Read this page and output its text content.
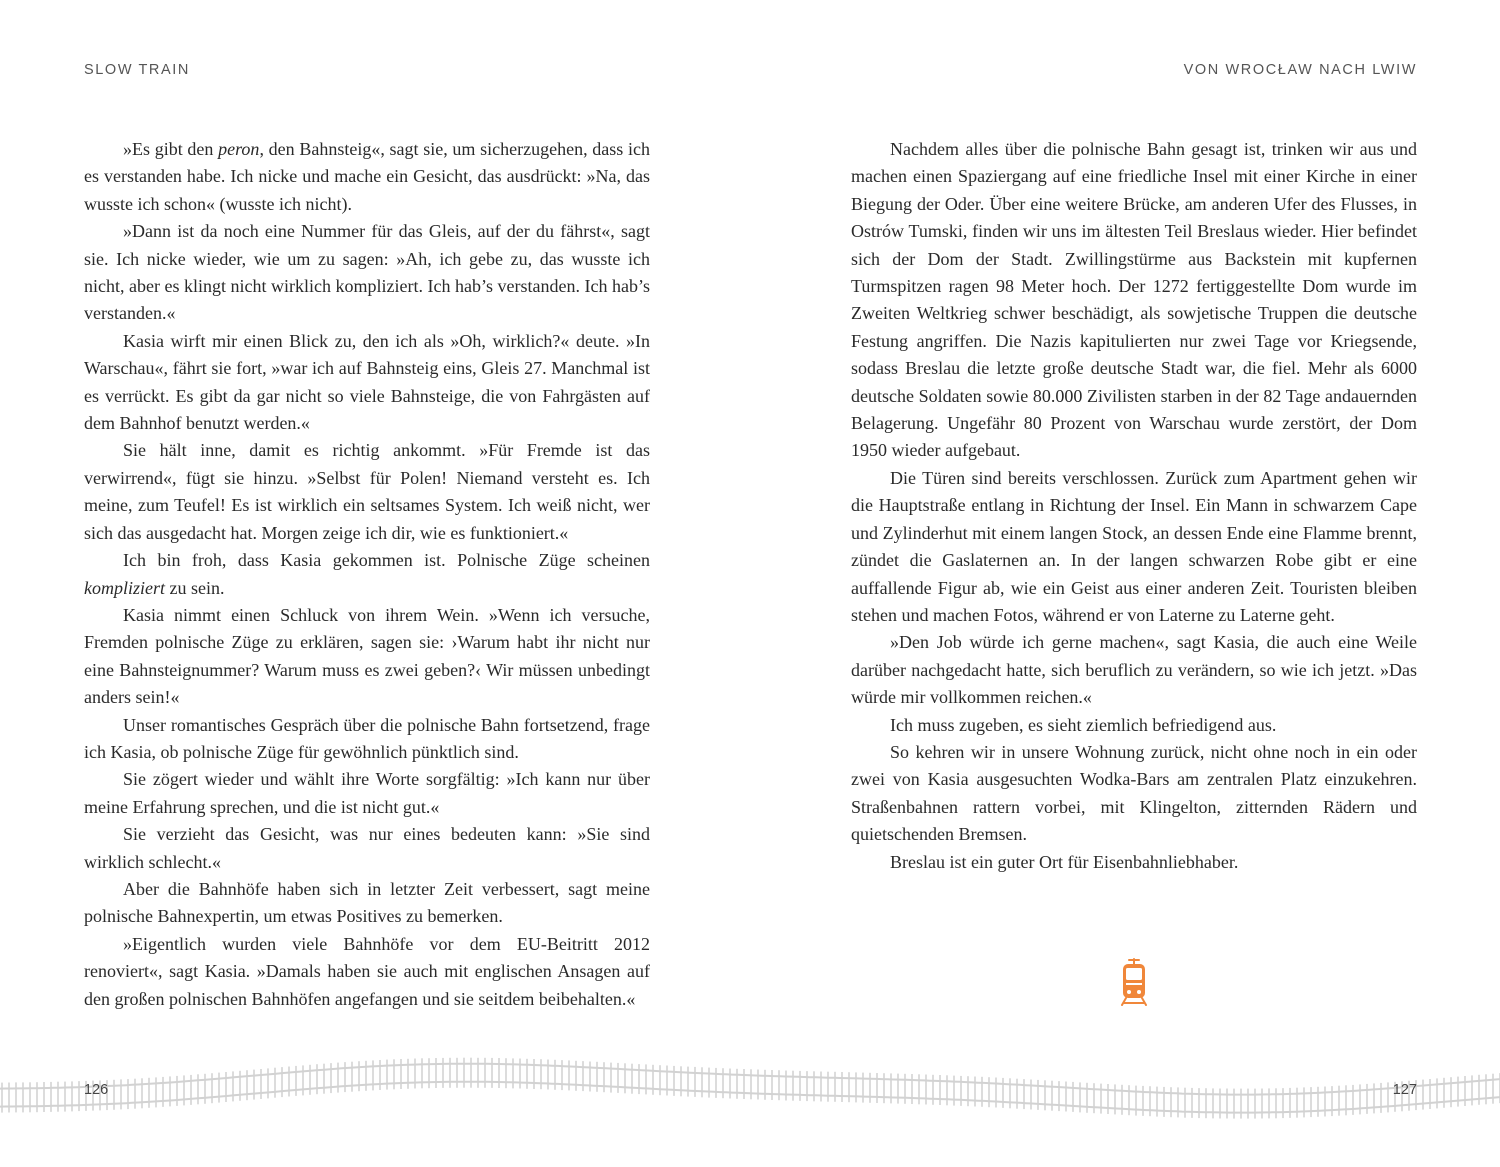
SLOW TRAIN	VON WROCŁAW NACH LWIW

»Es gibt den peron, den Bahnsteig«, sagt sie, um sicherzugehen, dass ich es verstanden habe. Ich nicke und mache ein Gesicht, das ausdrückt: »Na, das wusste ich schon« (wusste ich nicht).

»Dann ist da noch eine Nummer für das Gleis, auf der du fährst«, sagt sie. Ich nicke wieder, wie um zu sagen: »Ah, ich gebe zu, das wusste ich nicht, aber es klingt nicht wirklich kompliziert. Ich hab’s verstanden. Ich hab’s verstanden.«

Kasia wirft mir einen Blick zu, den ich als »Oh, wirklich?« deute. »In Warschau«, fährt sie fort, »war ich auf Bahnsteig eins, Gleis 27. Manchmal ist es verrückt. Es gibt da gar nicht so viele Bahnsteige, die von Fahrgästen auf dem Bahnhof benutzt werden.«

Sie hält inne, damit es richtig ankommt. »Für Fremde ist das verwirrend«, fügt sie hinzu. »Selbst für Polen! Niemand versteht es. Ich meine, zum Teufel! Es ist wirklich ein seltsames System. Ich weiß nicht, wer sich das ausgedacht hat. Morgen zeige ich dir, wie es funktioniert.«

Ich bin froh, dass Kasia gekommen ist. Polnische Züge scheinen kompliziert zu sein.

Kasia nimmt einen Schluck von ihrem Wein. »Wenn ich versuche, Fremden polnische Züge zu erklären, sagen sie: ›Warum habt ihr nicht nur eine Bahnsteignummer? Warum muss es zwei geben?‹ Wir müssen unbedingt anders sein!«

Unser romantisches Gespräch über die polnische Bahn fortsetzend, frage ich Kasia, ob polnische Züge für gewöhnlich pünktlich sind.

Sie zögert wieder und wählt ihre Worte sorgfältig: »Ich kann nur über meine Erfahrung sprechen, und die ist nicht gut.«

Sie verzieht das Gesicht, was nur eines bedeuten kann: »Sie sind wirklich schlecht.«

Aber die Bahnhöfe haben sich in letzter Zeit verbessert, sagt meine polnische Bahnexpertin, um etwas Positives zu bemerken.

»Eigentlich wurden viele Bahnhöfe vor dem EU-Beitritt 2012 renoviert«, sagt Kasia. »Damals haben sie auch mit englischen Ansagen auf den großen polnischen Bahnhöfen angefangen und sie seitdem beibehalten.«

Nachdem alles über die polnische Bahn gesagt ist, trinken wir aus und machen einen Spaziergang auf eine friedliche Insel mit einer Kirche in einer Biegung der Oder. Über eine weitere Brücke, am anderen Ufer des Flusses, in Ostrów Tumski, finden wir uns im ältesten Teil Breslaus wieder. Hier befindet sich der Dom der Stadt. Zwillingstürme aus Backstein mit kupfernen Turmspitzen ragen 98 Meter hoch. Der 1272 fertiggestellte Dom wurde im Zweiten Weltkrieg schwer beschädigt, als sowjetische Truppen die deutsche Festung angriffen. Die Nazis kapitulierten nur zwei Tage vor Kriegsende, sodass Breslau die letzte große deutsche Stadt war, die fiel. Mehr als 6000 deutsche Soldaten sowie 80.000 Zivilisten starben in der 82 Tage andauernden Belagerung. Ungefähr 80 Prozent von Warschau wurde zerstört, der Dom 1950 wieder aufgebaut.

Die Türen sind bereits verschlossen. Zurück zum Apartment gehen wir die Hauptstraße entlang in Richtung der Insel. Ein Mann in schwarzem Cape und Zylinderhut mit einem langen Stock, an dessen Ende eine Flamme brennt, zündet die Gaslaternen an. In der langen schwarzen Robe gibt er eine auffallende Figur ab, wie ein Geist aus einer anderen Zeit. Touristen bleiben stehen und machen Fotos, während er von Laterne zu Laterne geht.

»Den Job würde ich gerne machen«, sagt Kasia, die auch eine Weile darüber nachgedacht hatte, sich beruflich zu verändern, so wie ich jetzt. »Das würde mir vollkommen reichen.«

Ich muss zugeben, es sieht ziemlich befriedigend aus.

So kehren wir in unsere Wohnung zurück, nicht ohne noch in ein oder zwei von Kasia ausgesuchten Wodka-Bars am zentralen Platz einzukehren. Straßenbahnen rattern vorbei, mit Klingelton, zitternden Rädern und quietschenden Bremsen.

Breslau ist ein guter Ort für Eisenbahnliebhaber.

126	127
